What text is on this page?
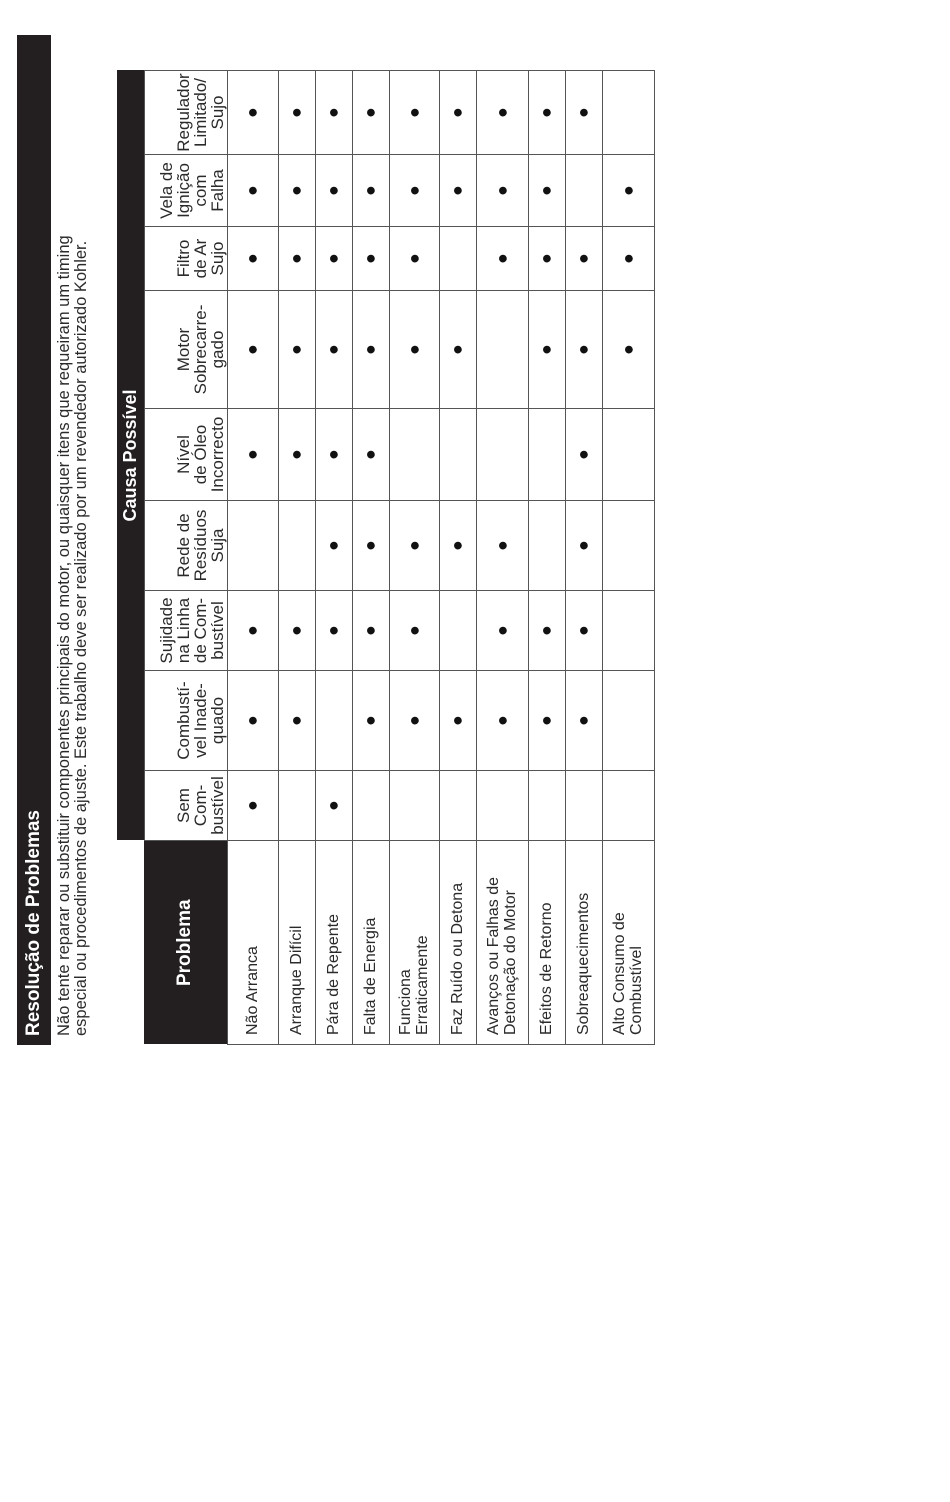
Resolução de Problemas Não tente reparar ou substituir componentes principais do motor, ou quaisquer itens que requeiram um timing especial ou procedimentos de ajuste. Este trabalho deve ser realizado por um revendedor autorizado Kohler.
	Causa Possível								
Problema	Sem
Com-
bustível	Combustí-
vel Inade-
quado	Sujidade
na Linha
de Com-
bustível	Rede de
Resíduos
Suja	Nível
de Óleo
Incorrecto	Motor
Sobrecarre-
gado	Filtro
de Ar
Sujo	Vela de
Ignição
com
Falha	Regulador
Limitado/
Sujo
Não Arranca	●	●	●		●	●	●	●	●
Arranque Difícil		●	●		●	●	●	●	●
Pára de Repente	●		●	●	●	●	●	●	●
Falta de Energia		●	●	●	●	●	●	●	●
Funciona
Erraticamente		●	●	●		●	●	●	●
Faz Ruído ou Detona		●		●		●		●	●
Avanços ou Falhas de
Detonação do Motor		●	●	●			●	●	●
Efeitos de Retorno		●	●			●	●	●	●
Sobreaquecimentos		●	●	●	●	●	●		●
Alto Consumo de
Combustível						●	●	●	
